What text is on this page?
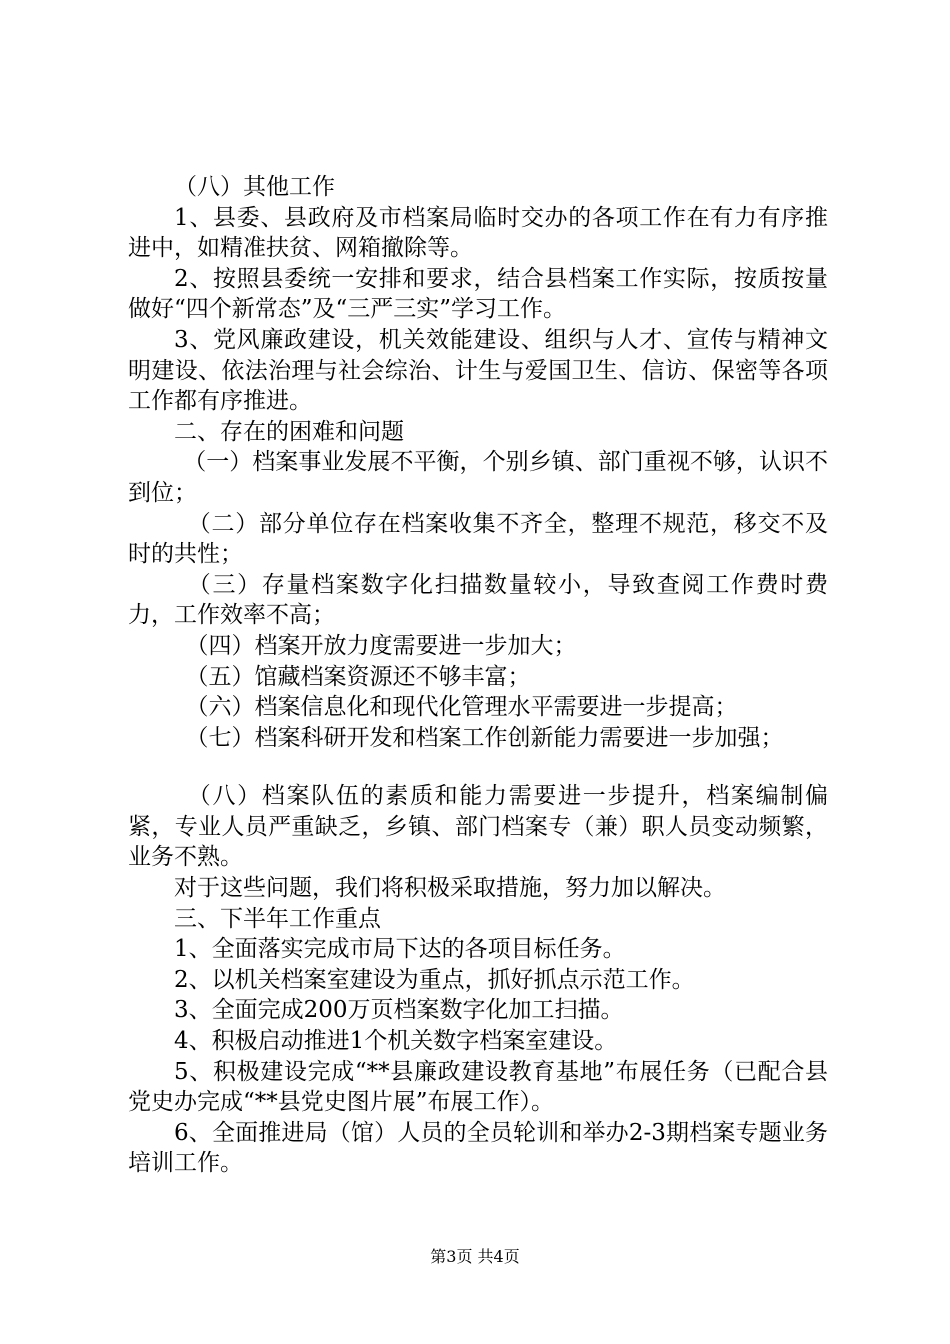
（八）其他工作

1、县委、县政府及市档案局临时交办的各项工作在有力有序推进中，如精准扶贫、网箱撤除等。

2、按照县委统一安排和要求，结合县档案工作实际，按质按量做好“四个新常态”及“三严三实”学习工作。

3、党风廉政建设，机关效能建设、组织与人才、宣传与精神文明建设、依法治理与社会综治、计生与爱国卫生、信访、保密等各项工作都有序推进。

二、存在的困难和问题

（一）档案事业发展不平衡，个别乡镇、部门重视不够，认识不到位；

（二）部分单位存在档案收集不齐全，整理不规范，移交不及时的共性；

（三）存量档案数字化扫描数量较小，导致查阅工作费时费力，工作效率不高；

（四）档案开放力度需要进一步加大；

（五）馆藏档案资源还不够丰富；

（六）档案信息化和现代化管理水平需要进一步提高；

（七）档案科研开发和档案工作创新能力需要进一步加强；

（八）档案队伍的素质和能力需要进一步提升，档案编制偏紧，专业人员严重缺乏，乡镇、部门档案专（兼）职人员变动频繁，业务不熟。

对于这些问题，我们将积极采取措施，努力加以解决。

三、下半年工作重点

1、全面落实完成市局下达的各项目标任务。

2、以机关档案室建设为重点，抓好抓点示范工作。

3、全面完成200万页档案数字化加工扫描。

4、积极启动推进1个机关数字档案室建设。

5、积极建设完成“**县廉政建设教育基地”布展任务（已配合县党史办完成“**县党史图片展”布展工作）。

6、全面推进局（馆）人员的全员轮训和举办2-3期档案专题业务培训工作。

第3页 共4页
